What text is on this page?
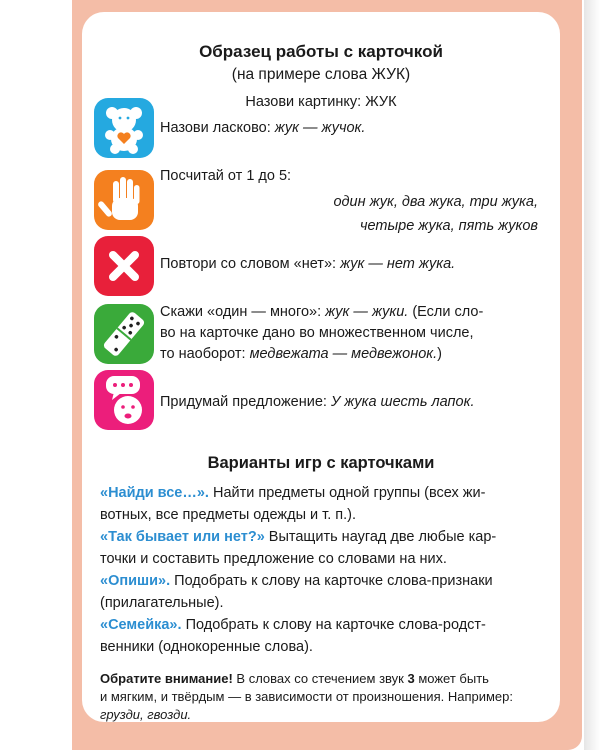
Образец работы с карточкой
(на примере слова ЖУК)
Назови картинку: ЖУК
Назови ласково: жук — жучок.
Посчитай от 1 до 5:
один жук, два жука, три жука,
четыре жука, пять жуков
Повтори со словом «нет»: жук — нет жука.
Скажи «один — много»: жук — жуки. (Если сло-
во на карточке дано во множественном числе,
то наоборот: медвежата — медвежонок.)
Придумай предложение: У жука шесть лапок.
Варианты игр с карточками
«Найди все…». Найти предметы одной группы (всех жи-
вотных, все предметы одежды и т. п.).
«Так бывает или нет?» Вытащить наугад две любые кар-
точки и составить предложение со словами на них.
«Опиши». Подобрать к слову на карточке слова-признаки
(прилагательные).
«Семейка». Подобрать к слову на карточке слова-родст-
венники (однокоренные слова).
Обратите внимание! В словах со стечением звук 3 может быть
и мягким, и твёрдым — в зависимости от произношения. Например:
грузди, гвозди.
